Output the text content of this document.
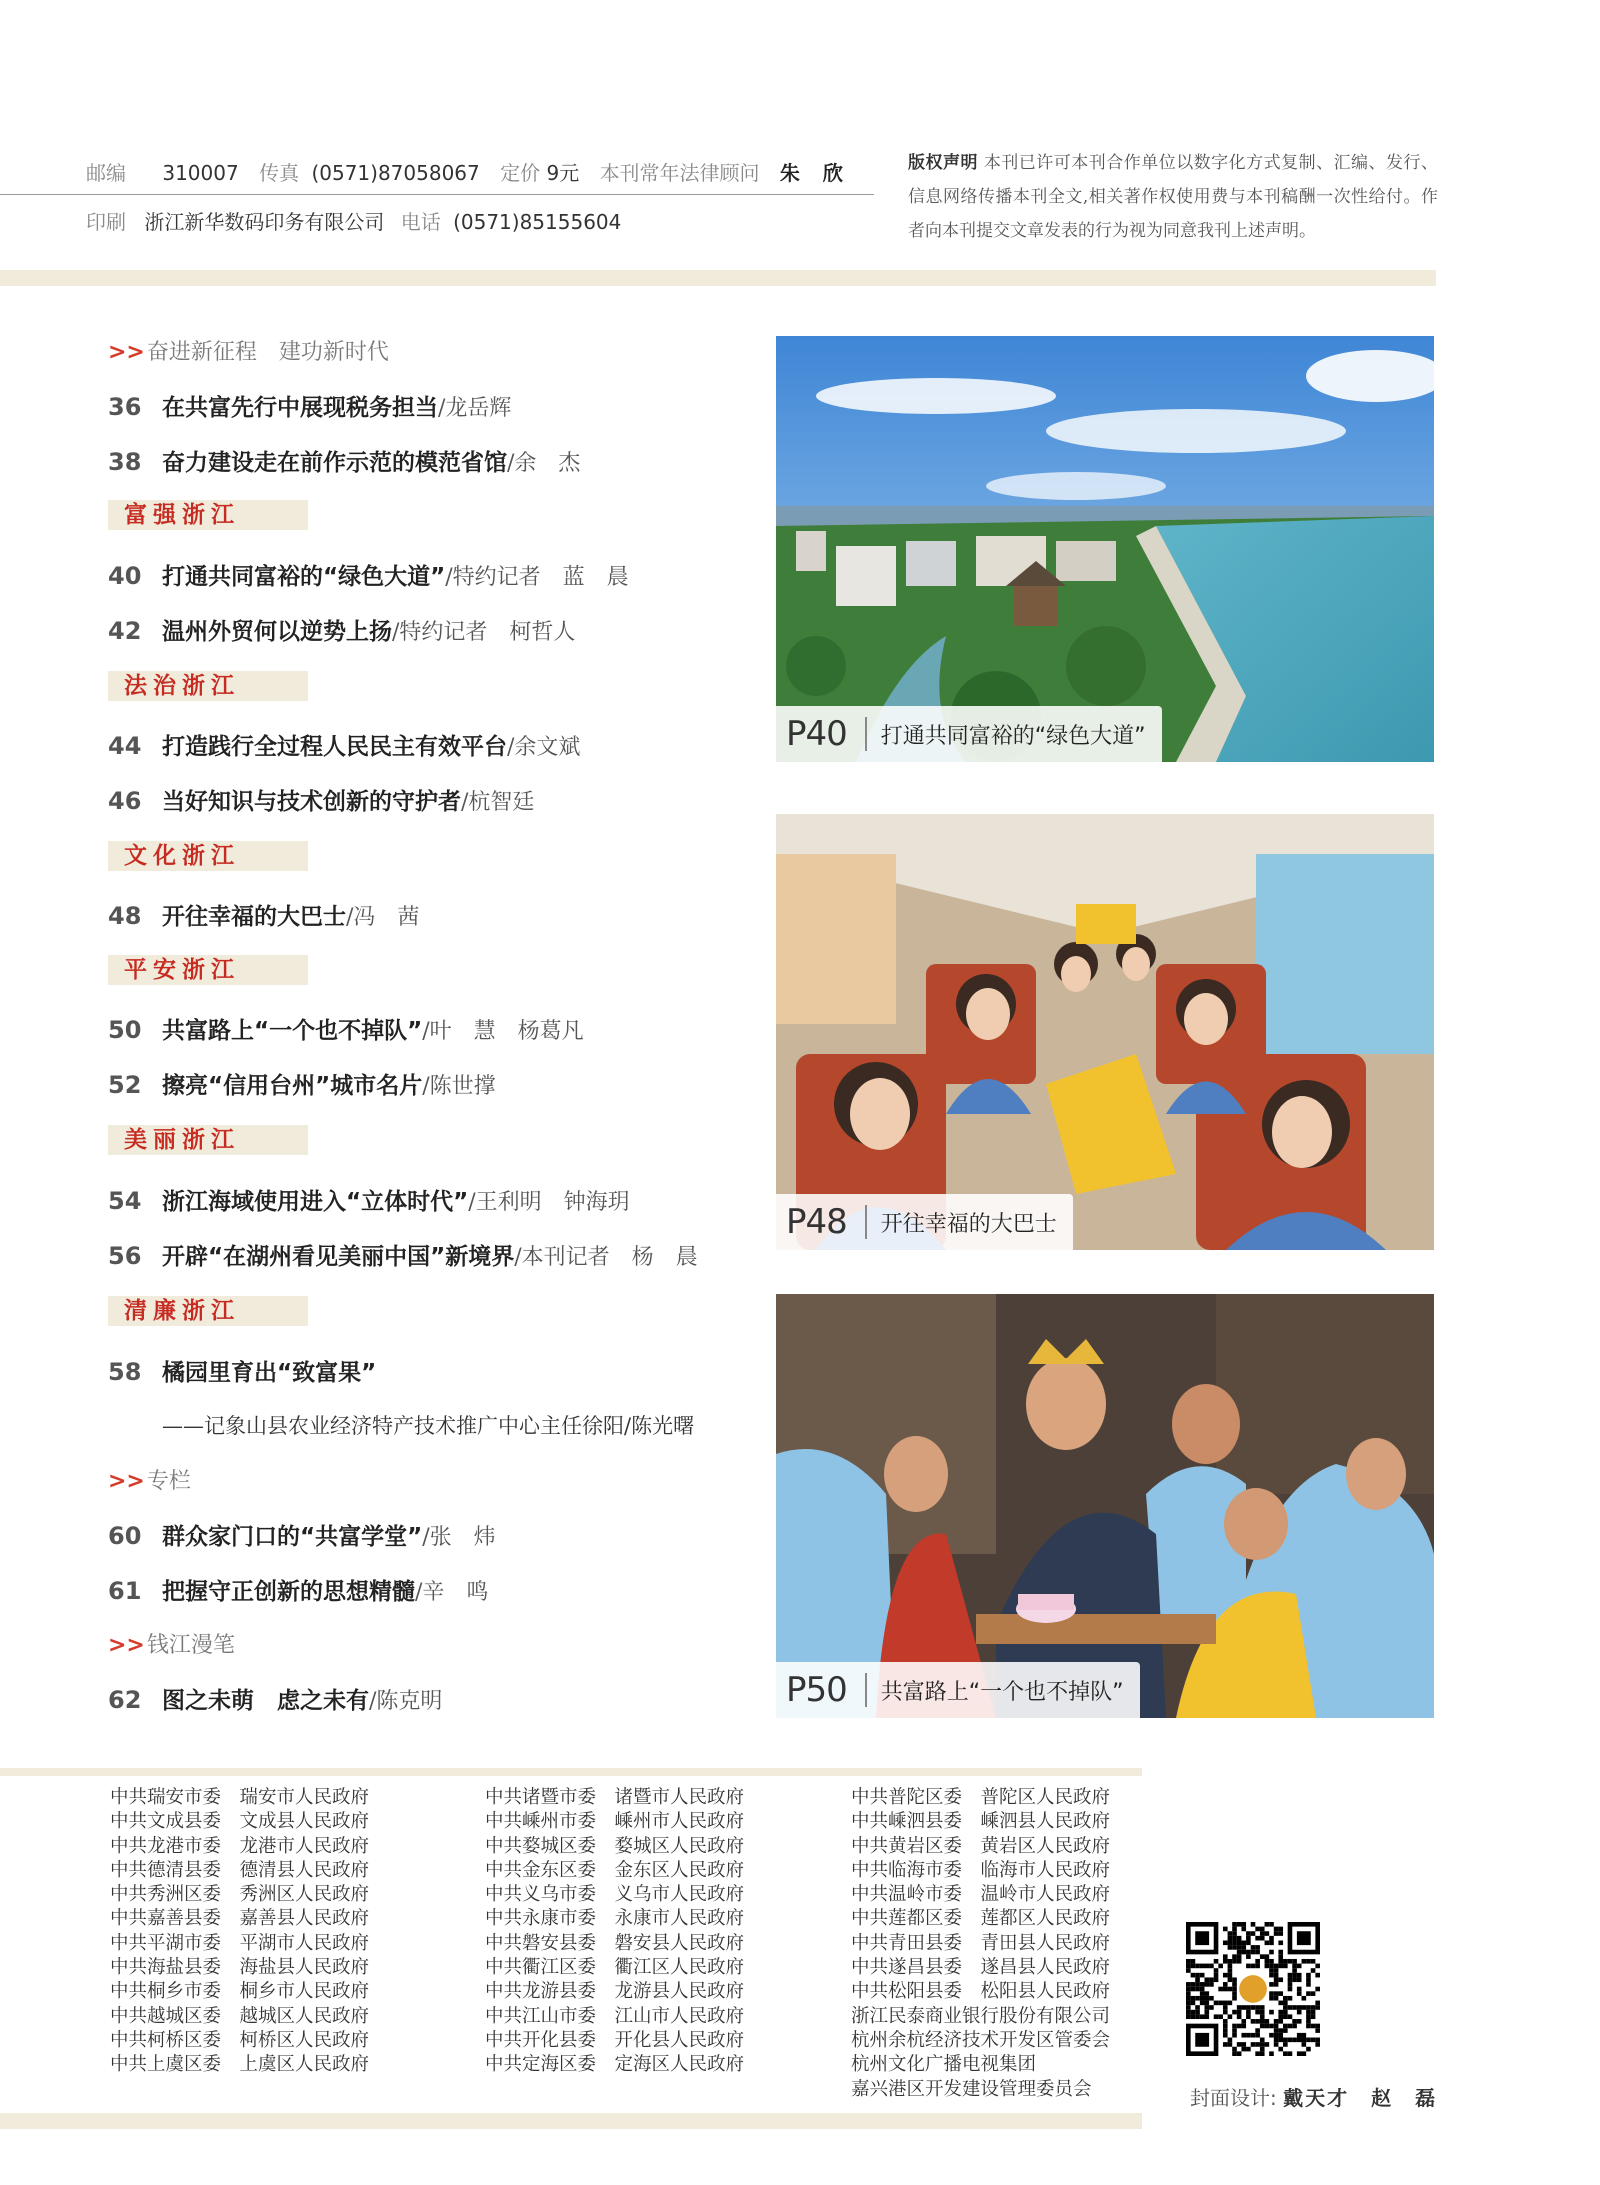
邮编 310007 传真 (0571)87058067 定价 9元 本刊常年法律顾问 朱 欣
印刷 浙江新华数码印务有限公司 电话 (0571)85155604
版权声明 本刊已许可本刊合作单位以数字化方式复制、汇编、发行、信息网络传播本刊全文,相关著作权使用费与本刊稿酬一次性给付。作者向本刊提交文章发表的行为视为同意我刊上述声明。
>>奋进新征程　建功新时代
36 在共富先行中展现税务担当/龙岳辉
38 奋力建设走在前作示范的模范省馆/余　杰
富强浙江
40 打通共同富裕的“绿色大道”/特约记者　蓝　晨
42 温州外贸何以逆势上扬/特约记者　柯哲人
法治浙江
44 打造践行全过程人民民主有效平台/余文斌
46 当好知识与技术创新的守护者/杭智廷
文化浙江
48 开往幸福的大巴士/冯　茜
平安浙江
50 共富路上“一个也不掉队”/叶　慧　杨葛凡
52 擦亮“信用台州”城市名片/陈世撑
美丽浙江
54 浙江海域使用进入“立体时代”/王利明　钟海玥
56 开辟“在湖州看见美丽中国”新境界/本刊记者　杨　晨
清廉浙江
58 橘园里育出“致富果”
——记象山县农业经济特产技术推广中心主任徐阳/陈光曙
>>专栏
60 群众家门口的“共富学堂”/张　炜
61 把握守正创新的思想精髓/辛　鸣
>>钱江漫笔
62 图之未萌　虑之未有/陈克明
P40	打通共同富裕的“绿色大道”
P48	开往幸福的大巴士
P50	共富路上“一个也不掉队”
中共瑞安市委　瑞安市人民政府
中共文成县委　文成县人民政府
中共龙港市委　龙港市人民政府
中共德清县委　德清县人民政府
中共秀洲区委　秀洲区人民政府
中共嘉善县委　嘉善县人民政府
中共平湖市委　平湖市人民政府
中共海盐县委　海盐县人民政府
中共桐乡市委　桐乡市人民政府
中共越城区委　越城区人民政府
中共柯桥区委　柯桥区人民政府
中共上虞区委　上虞区人民政府
中共诸暨市委　诸暨市人民政府
中共嵊州市委　嵊州市人民政府
中共婺城区委　婺城区人民政府
中共金东区委　金东区人民政府
中共义乌市委　义乌市人民政府
中共永康市委　永康市人民政府
中共磐安县委　磐安县人民政府
中共衢江区委　衢江区人民政府
中共龙游县委　龙游县人民政府
中共江山市委　江山市人民政府
中共开化县委　开化县人民政府
中共定海区委　定海区人民政府
中共普陀区委　普陀区人民政府
中共嵊泗县委　嵊泗县人民政府
中共黄岩区委　黄岩区人民政府
中共临海市委　临海市人民政府
中共温岭市委　温岭市人民政府
中共莲都区委　莲都区人民政府
中共青田县委　青田县人民政府
中共遂昌县委　遂昌县人民政府
中共松阳县委　松阳县人民政府
浙江民泰商业银行股份有限公司
杭州余杭经济技术开发区管委会
杭州文化广播电视集团
嘉兴港区开发建设管理委员会	封面设计: 戴天才　赵　磊
